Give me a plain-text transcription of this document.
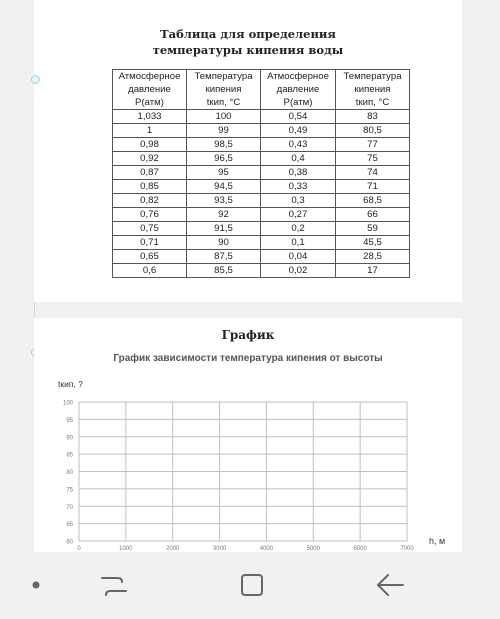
Таблица для определения
температуры кипения воды
Атмосферное	Температура	Атмосферное	Температура
давление	кипения	давление	кипения
Р(атм)	tкип, °С	Р(атм)	tкип, °С
1,033	100	0,54	83
1	99	0,49	80,5
0,98	98,5	0,43	77
0,92	96,5	0,4	75
0,87	95	0,38	74
0,85	94,5	0,33	71
0,82	93,5	0,3	68,5
0,76	92	0,27	66
0,75	91,5	0,2	59
0,71	90	0,1	45,5
0,65	87,5	0,04	28,5
0,6	85,5	0,02	17
График
График зависимости температура кипения от высоты
60
65
70
75
80
85
90
95
100
0	1000	2000	3000	4000	5000	6000	7000
tкип, ?
h, м
